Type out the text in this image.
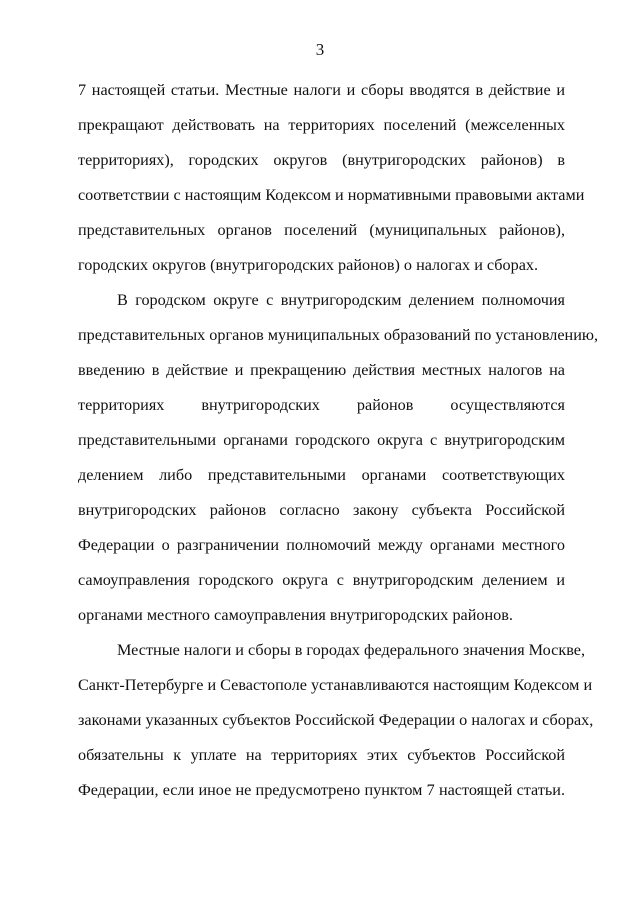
3
7 настоящей статьи. Местные налоги и сборы вводятся в действие и
прекращают действовать на территориях поселений (межселенных
территориях), городских округов (внутригородских районов) в
соответствии с настоящим Кодексом и нормативными правовыми актами
представительных органов поселений (муниципальных районов),
городских округов (внутригородских районов) о налогах и сборах.
В городском округе с внутригородским делением полномочия
представительных органов муниципальных образований по установлению,
введению в действие и прекращению действия местных налогов на
территориях внутригородских районов осуществляются
представительными органами городского округа с внутригородским
делением либо представительными органами соответствующих
внутригородских районов согласно закону субъекта Российской
Федерации о разграничении полномочий между органами местного
самоуправления городского округа с внутригородским делением и
органами местного самоуправления внутригородских районов.
Местные налоги и сборы в городах федерального значения Москве,
Санкт-Петербурге и Севастополе устанавливаются настоящим Кодексом и
законами указанных субъектов Российской Федерации о налогах и сборах,
обязательны к уплате на территориях этих субъектов Российской
Федерации, если иное не предусмотрено пунктом 7 настоящей статьи.
